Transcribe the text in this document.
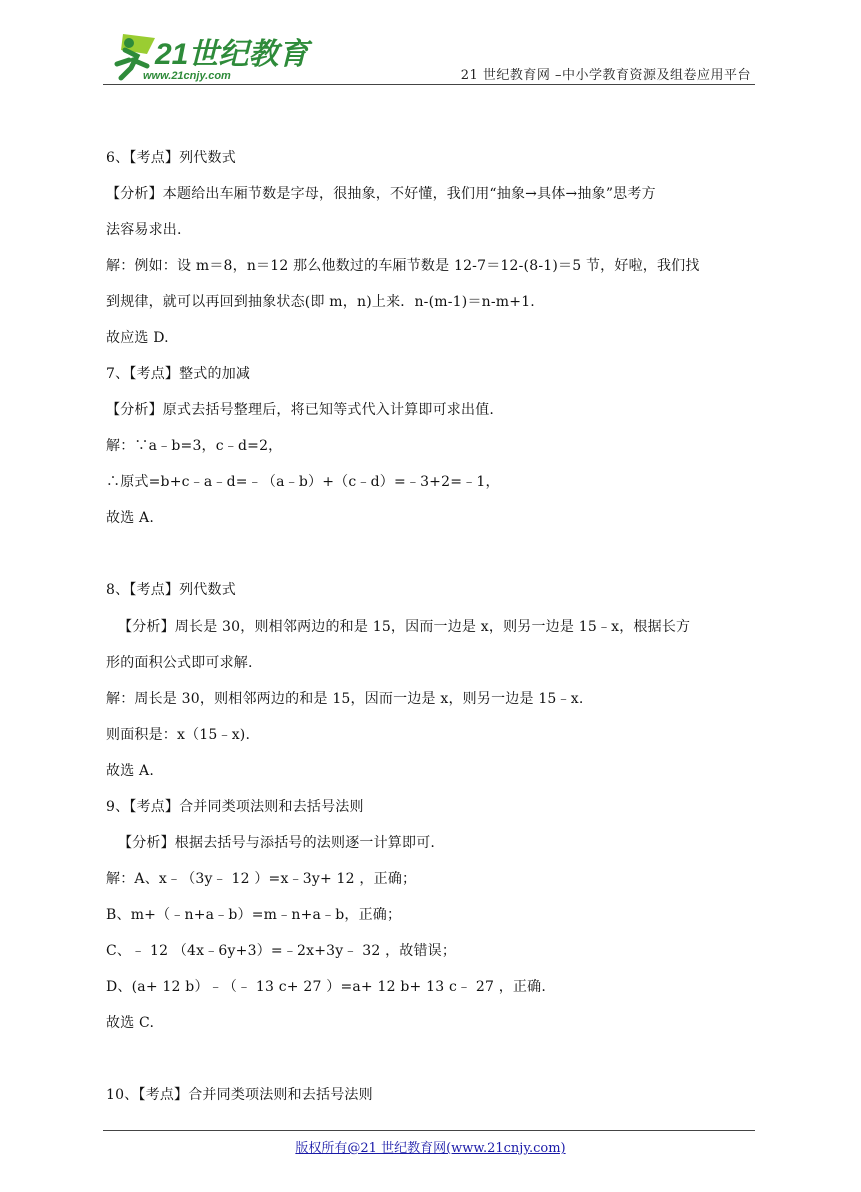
21世纪教育
www.21cnjy.com	21 世纪教育网 –中小学教育资源及组卷应用平台
6、【考点】列代数式
【分析】本题给出车厢节数是字母，很抽象，不好懂，我们用“抽象→具体→抽象”思考方
法容易求出.
解：例如：设 m＝8，n＝12 那么他数过的车厢节数是 12-7＝12-(8-1)＝5 节，好啦，我们找
到规律，就可以再回到抽象状态(即 m，n)上来．n-(m-1)＝n-m+1.
故应选 D.
7、【考点】整式的加减
【分析】原式去括号整理后，将已知等式代入计算即可求出值.
解：∵a﹣b=3，c﹣d=2，
∴原式=b+c﹣a﹣d=﹣（a﹣b）+（c﹣d）=﹣3+2=﹣1，
故选 A.
8、【考点】列代数式
【分析】周长是 30，则相邻两边的和是 15，因而一边是 x，则另一边是 15﹣x，根据长方
形的面积公式即可求解.
解：周长是 30，则相邻两边的和是 15，因而一边是 x，则另一边是 15﹣x.
则面积是：x（15﹣x).
故选 A.
9、【考点】合并同类项法则和去括号法则
【分析】根据去括号与添括号的法则逐一计算即可.
解：A、x﹣（3y﹣ 12 ）=x﹣3y+ 12 ，正确；
B、m+（﹣n+a﹣b）=m﹣n+a﹣b，正确；
C、﹣ 12 （4x﹣6y+3）=﹣2x+3y﹣ 32 ，故错误；
D、(a+ 12 b）﹣（﹣ 13 c+ 27 ）=a+ 12 b+ 13 c﹣ 27 ，正确.
故选 C.
10、【考点】合并同类项法则和去括号法则
版权所有@21 世纪教育网(www.21cnjy.com)
